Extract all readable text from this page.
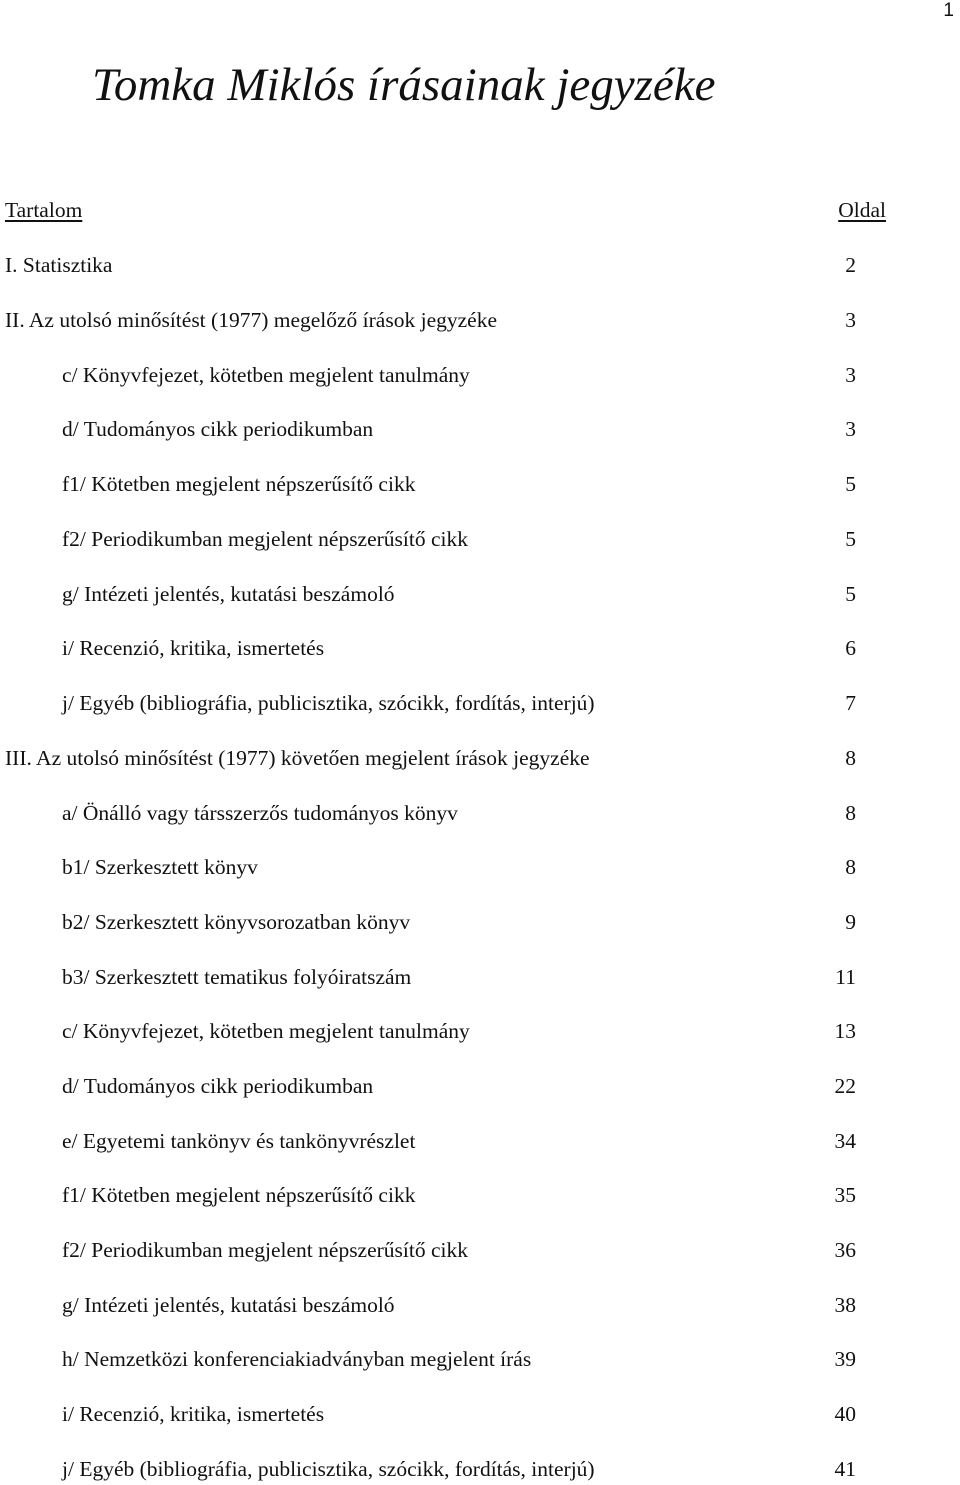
1
Tomka Miklós írásainak jegyzéke
Tartalom	Oldal
I. Statisztika	2
II. Az utolsó minősítést (1977) megelőző írások jegyzéke	3
c/ Könyvfejezet, kötetben megjelent tanulmány	3
d/ Tudományos cikk periodikumban	3
f1/ Kötetben megjelent népszerűsítő cikk	5
f2/ Periodikumban megjelent népszerűsítő cikk	5
g/ Intézeti jelentés, kutatási beszámoló	5
i/ Recenzió, kritika, ismertetés	6
j/ Egyéb (bibliográfia, publicisztika, szócikk, fordítás, interjú)	7
III. Az utolsó minősítést (1977) követően megjelent írások jegyzéke	8
a/ Önálló vagy társszerzős tudományos könyv	8
b1/ Szerkesztett könyv	8
b2/ Szerkesztett könyvsorozatban könyv	9
b3/ Szerkesztett tematikus folyóiratszám	11
c/ Könyvfejezet, kötetben megjelent tanulmány	13
d/ Tudományos cikk periodikumban	22
e/ Egyetemi tankönyv és tankönyvrészlet	34
f1/ Kötetben megjelent népszerűsítő cikk	35
f2/ Periodikumban megjelent népszerűsítő cikk	36
g/ Intézeti jelentés, kutatási beszámoló	38
h/ Nemzetközi konferenciakiadványban megjelent írás	39
i/ Recenzió, kritika, ismertetés	40
j/ Egyéb (bibliográfia, publicisztika, szócikk, fordítás, interjú)	41
